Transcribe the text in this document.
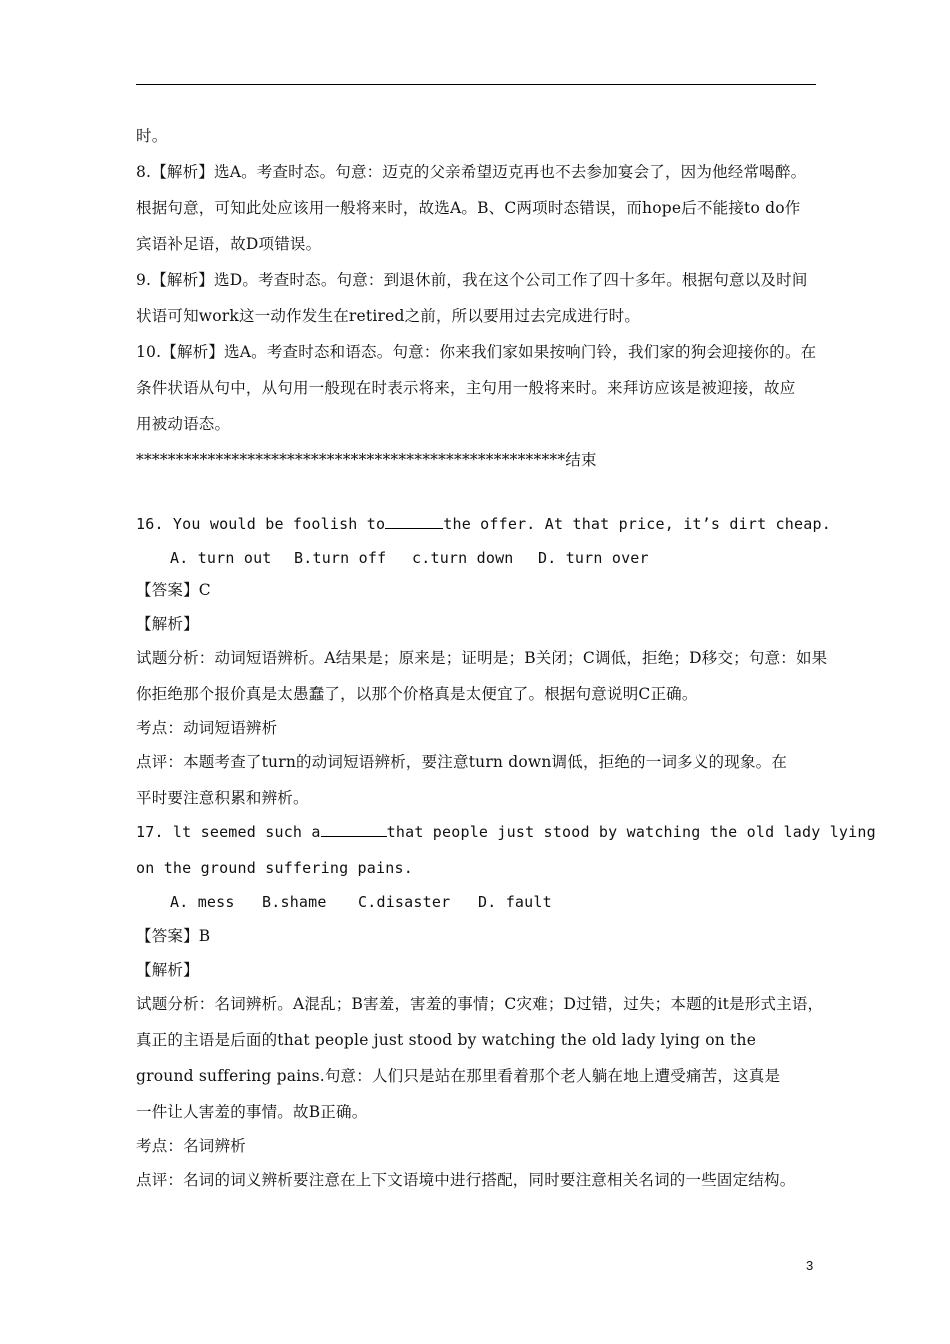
时。
8.【解析】选A。考查时态。句意：迈克的父亲希望迈克再也不去参加宴会了，因为他经常喝醉。
根据句意，可知此处应该用一般将来时，故选A。B、C两项时态错误，而hope后不能接to do作
宾语补足语，故D项错误。
9.【解析】选D。考查时态。句意：到退休前，我在这个公司工作了四十多年。根据句意以及时间
状语可知work这一动作发生在retired之前，所以要用过去完成进行时。
10.【解析】选A。考查时态和语态。句意：你来我们家如果按响门铃，我们家的狗会迎接你的。在
条件状语从句中，从句用一般现在时表示将来，主句用一般将来时。来拜访应该是被迎接，故应
用被动语态。
******************************************************结束
16. You would be foolish to	the offer. At that price, it’s dirt cheap.
A. turn out B.turn off c.turn down D. turn over
【答案】C
【解析】
试题分析：动词短语辨析。A结果是；原来是；证明是；B关闭；C调低，拒绝；D移交；句意：如果
你拒绝那个报价真是太愚蠢了，以那个价格真是太便宜了。根据句意说明C正确。
考点：动词短语辨析
点评：本题考查了turn的动词短语辨析，要注意turn down调低，拒绝的一词多义的现象。在
平时要注意积累和辨析。
17. lt seemed such a	that people just stood by watching the old lady lying
on the ground suffering pains.
A. mess B.shame C.disaster D. fault
【答案】B
【解析】
试题分析：名词辨析。A混乱；B害羞，害羞的事情；C灾难；D过错，过失；本题的it是形式主语，
真正的主语是后面的that people just stood by watching the old lady lying on the
ground suffering pains.句意：人们只是站在那里看着那个老人躺在地上遭受痛苦，这真是
一件让人害羞的事情。故B正确。
考点：名词辨析
点评：名词的词义辨析要注意在上下文语境中进行搭配，同时要注意相关名词的一些固定结构。
3
